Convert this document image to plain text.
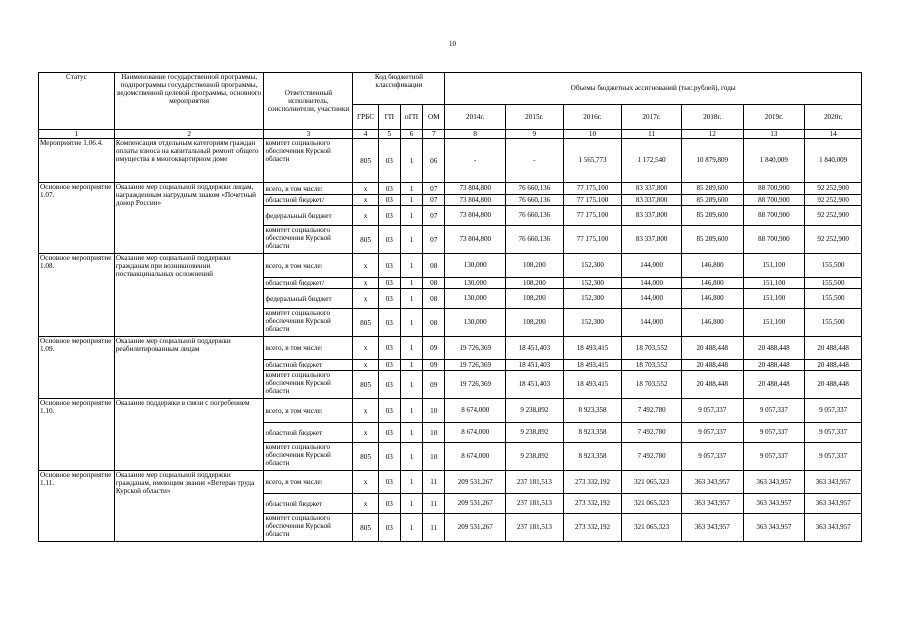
10
Статус	Наименование государственной программы, подпрограммы государственной программы, ведомственной целевой программы, основного мероприятия	Ответственный исполнитель, соисполнители, участники	Код бюджетной классификации				Объемы бюджетных ассигнований (тыс.рублей), годы						
			ГРБС	ГП	пГП	ОМ	2014г.	2015г.	2016г.	2017г.	2018г.	2019г.	2020г.
1	2	3	4	5	6	7	8	9	10	11	12	13	14
Мероприятие 1.06.4.	Компенсация отдельным категориям граждан оплаты взноса на капитальный ремонт общего имущества в многоквартирном доме	комитет социального обеспечения Курской области	805	03	1	06	-	-	1 565,773	1 172,540	10 879,809	1 840,009	1 840,009
Основное мероприятие 1.07.	Оказание мер социальной поддержки лицам, награжденным нагрудным знаком «Почетный донор России»	всего, в том числе:	x	03	1	07	73 804,800	76 660,136	77 175,100	83 337,800	85 289,600	88 700,900	92 252,900
		областной бюджет/	x	03	1	07	73 804,800	76 660,136	77 175,100	83 337,800	85 289,600	88 700,900	92 252,900
		федеральный бюджет	x	03	1	07	73 804,800	76 660,136	77 175,100	83 337,800	85 289,600	88 700,900	92 252,900
		комитет социального обеспечения Курской области	805	03	1	07	73 804,800	76 660,136	77 175,100	83 337,800	85 289,600	88 700,900	92 252,900
Основное мероприятие 1.08.	Оказание мер социальной поддержки гражданам при возникновении поствакцинальных осложнений	всего, в том числе:	x	03	1	08	130,000	108,200	152,300	144,000	146,800	151,100	155,500
		областной бюджет/	x	03	1	08	130,000	108,200	152,300	144,000	146,800	151,100	155,500
		федеральный бюджет	x	03	1	08	130,000	108,200	152,300	144,000	146,800	151,100	155,500
		комитет социального обеспечения Курской области	805	03	1	08	130,000	108,200	152,300	144,000	146,800	151,100	155,500
Основное мероприятие 1.09.	Оказание мер социальной поддержки реабилитированным лицам	всего, в том числе:	x	03	1	09	19 726,369	18 451,403	18 493,415	18 703,552	20 488,448	20 488,448	20 488,448
		областной бюджет	x	03	1	09	19 726,369	18 451,403	18 493,415	18 703,552	20 488,448	20 488,448	20 488,448
		комитет социального обеспечения Курской области	805	03	1	09	19 726,369	18 451,403	18 493,415	18 703,552	20 488,448	20 488,448	20 488,448
Основное мероприятие 1.10.	Оказание поддержки в связи с погребением	всего, в том числе:	x	03	1	10	8 674,000	9 238,892	8 923,358	7 492,780	9 057,337	9 057,337	9 057,337
		областной бюджет	x	03	1	10	8 674,000	9 238,892	8 923,358	7 492,780	9 057,337	9 057,337	9 057,337
		комитет социального обеспечения Курской области	805	03	1	10	8 674,000	9 238,892	8 923,358	7 492,780	9 057,337	9 057,337	9 057,337
Основное мероприятие 1.11.	Оказание мер социальной поддержки гражданам, имеющим звание «Ветеран труда Курской области»	всего, в том числе:	x	03	1	11	209 531,267	237 181,513	273 332,192	321 065,323	363 343,957	363 343,957	363 343,957
		областной бюджет	x	03	1	11	209 531,267	237 181,513	273 332,192	321 065,323	363 343,957	363 343,957	363 343,957
		комитет социального обеспечения Курской области	805	03	1	11	209 531,267	237 181,513	273 332,192	321 065,323	363 343,957	363 343,957	363 343,957
